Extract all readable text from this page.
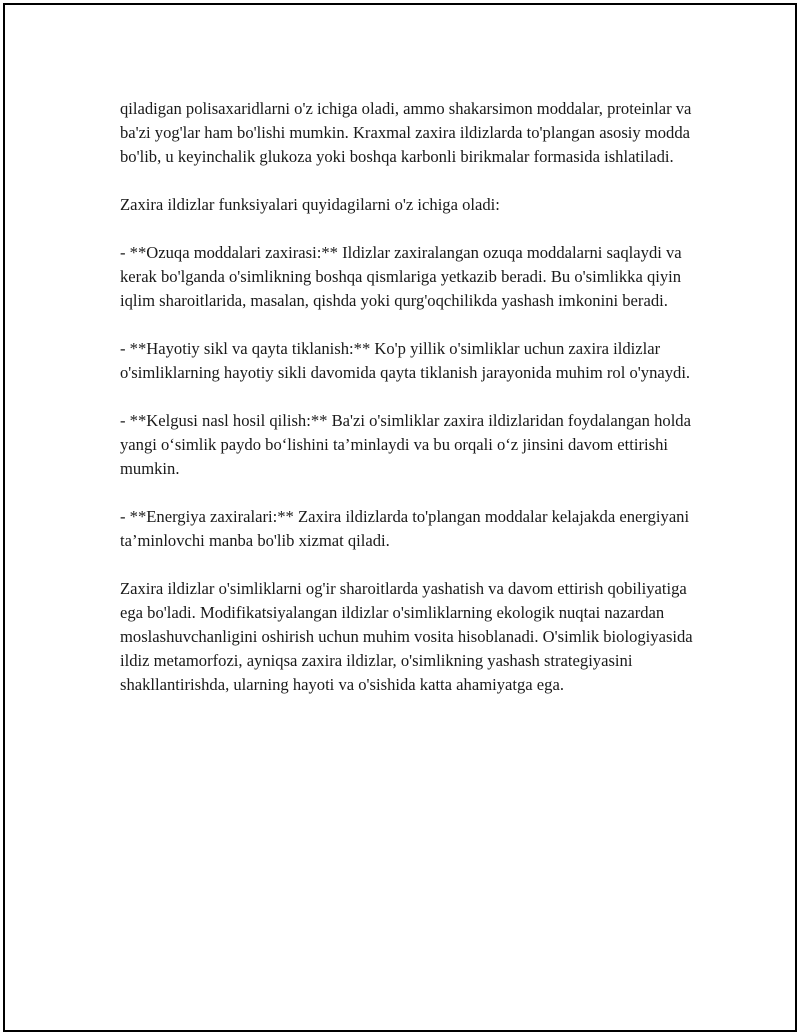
qiladigan polisaxaridlarni o'z ichiga oladi, ammo shakarsimon moddalar, proteinlar va ba'zi yog'lar ham bo'lishi mumkin. Kraxmal zaxira ildizlarda to'plangan asosiy modda bo'lib, u keyinchalik glukoza yoki boshqa karbonli birikmalar formasida ishlatiladi.

Zaxira ildizlar funksiyalari quyidagilarni o'z ichiga oladi:

- **Ozuqa moddalari zaxirasi:** Ildizlar zaxiralangan ozuqa moddalarni saqlaydi va kerak bo'lganda o'simlikning boshqa qismlariga yetkazib beradi. Bu o'simlikka qiyin iqlim sharoitlarida, masalan, qishda yoki qurg'oqchilikda yashash imkonini beradi.

- **Hayotiy sikl va qayta tiklanish:** Ko'p yillik o'simliklar uchun zaxira ildizlar o'simliklarning hayotiy sikli davomida qayta tiklanish jarayonida muhim rol o'ynaydi.

- **Kelgusi nasl hosil qilish:** Ba'zi o'simliklar zaxira ildizlaridan foydalangan holda yangi o‘simlik paydo bo‘lishini ta’minlaydi va bu orqali o‘z jinsini davom ettirishi mumkin.

- **Energiya zaxiralari:** Zaxira ildizlarda to'plangan moddalar kelajakda energiyani ta’minlovchi manba bo'lib xizmat qiladi.

Zaxira ildizlar o'simliklarni og'ir sharoitlarda yashatish va davom ettirish qobiliyatiga ega bo'ladi. Modifikatsiyalangan ildizlar o'simliklarning ekologik nuqtai nazardan moslashuvchanligini oshirish uchun muhim vosita hisoblanadi. O'simlik biologiyasida ildiz metamorfozi, ayniqsa zaxira ildizlar, o'simlikning yashash strategiyasini shakllantirishda, ularning hayoti va o'sishida katta ahamiyatga ega.
